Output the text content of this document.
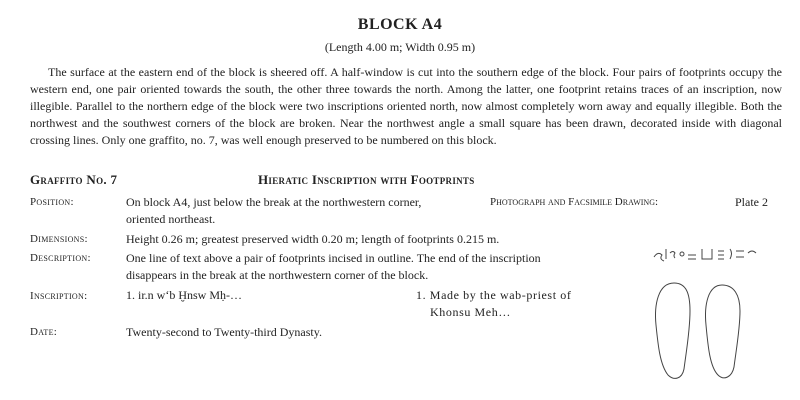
BLOCK A4
(Length 4.00 m; Width 0.95 m)
The surface at the eastern end of the block is sheered off. A half-window is cut into the southern edge of the block. Four pairs of footprints occupy the western end, one pair oriented towards the south, the other three towards the north. Among the latter, one footprint retains traces of an inscription, now illegible. Parallel to the northern edge of the block were two inscriptions oriented north, now almost completely worn away and equally illegible. Both the northwest and the southwest corners of the block are broken. Near the northwest angle a small square has been drawn, decorated inside with diagonal crossing lines. Only one graffito, no. 7, was well enough preserved to be numbered on this block.
Graffito No. 7	Hieratic Inscription with Footprints
Position:	On block A4, just below the break at the northwestern corner,
oriented northeast.
Photograph and Facsimile Drawing:	Plate 2
Dimensions:	Height 0.26 m; greatest preserved width 0.20 m; length of footprints 0.215 m.
Description:	One line of text above a pair of footprints incised in outline. The end of the inscription
disappears in the break at the northwestern corner of the block.
Inscription:	1. ir.n w‘b Ḫnsw Mḥ-…	1. Made by the wab-priest of
Khonsu Meh…
Date:	Twenty-second to Twenty-third Dynasty.
